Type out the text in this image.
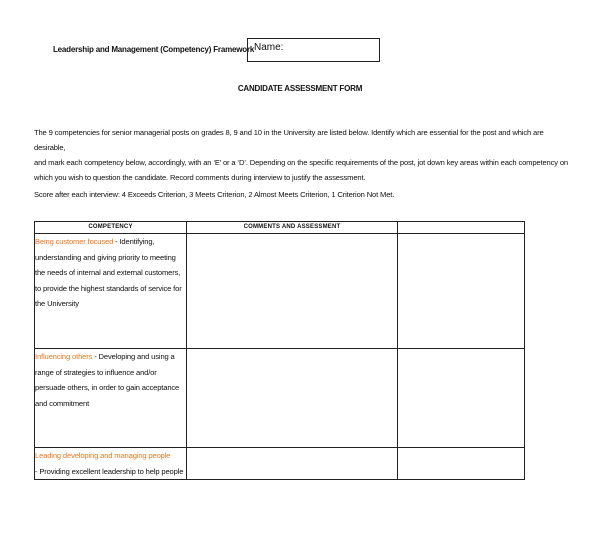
Leadership and Management (Competency) Framework Name:
CANDIDATE ASSESSMENT FORM
The 9 competencies for senior managerial posts on grades 8, 9 and 10 in the University are listed below. Identify which are essential for the post and which are desirable,
and mark each competency below, accordingly, with an ‘E’ or a ‘D’. Depending on the specific requirements of the post, jot down key areas within each competency on
which you wish to question the candidate. Record comments during interview to justify the assessment.
Score after each interview: 4 Exceeds Criterion, 3 Meets Criterion, 2 Almost Meets Criterion, 1 Criterion Not Met.
COMPETENCY	COMMENTS AND ASSESSMENT	
Being customer focused - Identifying,
understanding and giving priority to meeting
the needs of internal and external customers,
to provide the highest standards of service for
the University		
Influencing others - Developing and using a
range of strategies to influence and/or
persuade others, in order to gain acceptance
and commitment		
Leading developing and managing people
- Providing excellent leadership to help people		
